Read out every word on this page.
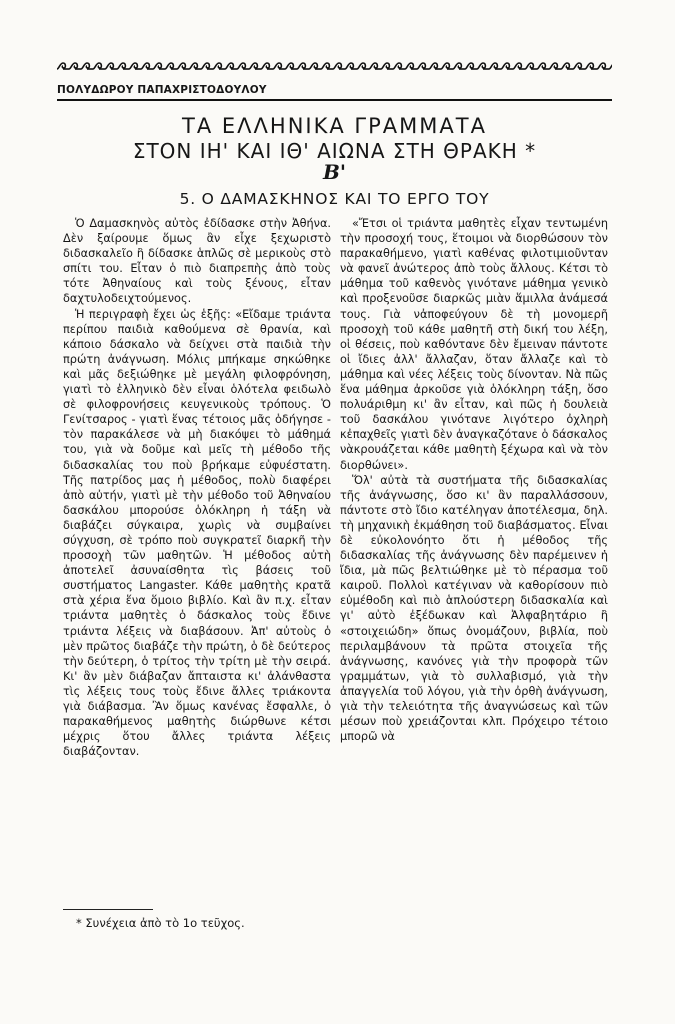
ΠΟΛΥΔΩΡΟΥ ΠΑΠΑΧΡΙΣΤΟΔΟΥΛΟΥ
ΤΑ ΕΛΛΗΝΙΚΑ ΓΡΑΜΜΑΤΑ
ΣΤΟΝ ΙΗ' ΚΑΙ ΙΘ' ΑΙΩΝΑ ΣΤΗ ΘΡΑΚΗ *
Β'
5. Ο ΔΑΜΑΣΚΗΝΟΣ ΚΑΙ ΤΟ ΕΡΓΟ ΤΟΥ

Ὁ Δαμασκηνὸς αὐτὸς ἐδίδασκε στὴν Ἀθήνα. Δὲν ξαίρουμε ὅμως ἂν εἶχε ξεχωριστὸ διδασκαλεῖο ἢ δίδασκε ἁπλῶς σὲ μερικοὺς στὸ σπίτι του. Εἶταν ὁ πιὸ διαπρεπὴς ἀπὸ τοὺς τότε Ἀθηναίους καὶ τοὺς ξένους, εἶταν δαχτυλοδειχτούμενος.

Ἡ περιγραφὴ ἔχει ὡς ἑξῆς: «Εἴδαμε τριάντα περίπου παιδιὰ καθούμενα σὲ θρανία, καὶ κάποιο δάσκαλο νὰ δείχνει στὰ παιδιὰ τὴν πρώτη ἀνάγνωση. Μόλις μπήκαμε σηκώθηκε καὶ μᾶς δεξιώθηκε μὲ μεγάλη φιλοφρόνηση, γιατὶ τὸ ἑλληνικὸ δὲν εἶναι ὁλότελα φειδωλὸ σὲ φιλοφρονήσεις κευγενικοὺς τρόπους. Ὁ Γενίτσαρος - γιατὶ ἕνας τέτοιος μᾶς ὁδήγησε - τὸν παρακάλεσε νὰ μὴ διακόψει τὸ μάθημά του, γιὰ νὰ δοῦμε καὶ μεῖς τὴ μέθοδο τῆς διδασκαλίας του ποὺ βρήκαμε εὐφυέστατη. Τῆς πατρίδος μας ἡ μέθοδος, πολὺ διαφέρει ἀπὸ αὐτήν, γιατὶ μὲ τὴν μέθοδο τοῦ Ἀθηναίου δασκάλου μπορούσε ὁλόκληρη ἡ τάξη νὰ διαβάζει σύγκαιρα, χωρὶς νὰ συμβαίνει σύγχυση, σὲ τρόπο ποὺ συγκρατεῖ διαρκῆ τὴν προσοχὴ τῶν μαθητῶν. Ἡ μέθοδος αὐτὴ ἀποτελεῖ ἀσυναίσθητα τὶς βάσεις τοῦ συστήματος Langaster. Κάθε μαθητὴς κρατᾶ στὰ χέρια ἕνα ὅμοιο βιβλίο. Καὶ ἂν π.χ. εἶταν τριάντα μαθητὲς ὁ δάσκαλος τοὺς ἔδινε τριάντα λέξεις νὰ διαβάσουν. Ἀπ' αὐτοὺς ὁ μὲν πρῶτος διαβάζε τὴν πρώτη, ὁ δὲ δεύτερος τὴν δεύτερη, ὁ τρίτος τὴν τρίτη μὲ τὴν σειρά. Κι' ἂν μὲν διάβαζαν ἄπταιστα κι' ἀλάνθαστα τὶς λέξεις τους τοὺς ἔδινε ἄλλες τριάκοντα γιὰ διάβασμα. Ἂν ὅμως κανένας ἔσφαλλε, ὁ παρακαθήμενος μαθητὴς διώρθωνε κέτσι μέχρις ὅτου ἄλλες τριάντα λέξεις διαβάζονταν.

«Ἔτσι οἱ τριάντα μαθητὲς εἶχαν τεντωμένη τὴν προσοχή τους, ἕτοιμοι νὰ διορθώσουν τὸν παρακαθήμενο, γιατὶ καθένας φιλοτιμιοῦνταν νὰ φανεῖ ἀνώτερος ἀπὸ τοὺς ἄλλους. Κέτσι τὸ μάθημα τοῦ καθενὸς γινότανε μάθημα γενικὸ καὶ προξενοῦσε διαρκῶς μιὰν ἅμιλλα ἀνάμεσά τους. Γιὰ νἀποφεύγουν δὲ τὴ μονομερῆ προσοχὴ τοῦ κάθε μαθητῆ στὴ δική του λέξη, οἱ θέσεις, ποὺ καθόντανε δὲν ἔμειναν πάντοτε οἱ ἴδιες ἀλλ' ἄλλαζαν, ὅταν ἄλλαζε καὶ τὸ μάθημα καὶ νέες λέξεις τοὺς δίνονταν. Νὰ πῶς ἕνα μάθημα ἀρκοῦσε γιὰ ὁλόκληρη τάξη, ὅσο πολυάριθμη κι' ἂν εἶταν, καὶ πῶς ἡ δουλειὰ τοῦ δασκάλου γινότανε λιγότερο ὀχληρὴ κἐπαχθεῖς γιατὶ δὲν ἀναγκαζότανε ὁ δάσκαλος νὰκρουάζεται κάθε μαθητὴ ξέχωρα καὶ νὰ τὸν διορθώνει».

Ὅλ' αὐτὰ τὰ συστήματα τῆς διδασκαλίας τῆς ἀνάγνωσης, ὅσο κι' ἂν παραλλάσσουν, πάντοτε στὸ ἴδιο κατέληγαν ἀποτέλεσμα, δηλ. τὴ μηχανικὴ ἐκμάθηση τοῦ διαβάσματος. Εἶναι δὲ εὐκολονόητο ὅτι ἡ μέθοδος τῆς διδασκαλίας τῆς ἀνάγνωσης δὲν παρέμεινεν ἡ ἴδια, μὰ πῶς βελτιώθηκε μὲ τὸ πέρασμα τοῦ καιροῦ. Πολλοὶ κατέγιναν νὰ καθορίσουν πιὸ εὐμέθοδη καὶ πιὸ ἁπλούστερη διδασκαλία καὶ γι' αὐτὸ ἐξέδωκαν καὶ Ἀλφαβητάριο ἢ «στοιχειώδη» ὅπως ὀνομάζουν, βιβλία, ποὺ περιλαμβάνουν τὰ πρῶτα στοιχεῖα τῆς ἀνάγνωσης, κανόνες γιὰ τὴν προφορὰ τῶν γραμμάτων, γιὰ τὸ συλλαβισμό, γιὰ τὴν ἀπαγγελία τοῦ λόγου, γιὰ τὴν ὀρθὴ ἀνάγνωση, γιὰ τὴν τελειότητα τῆς ἀναγνώσεως καὶ τῶν μέσων ποὺ χρειάζονται κλπ. Πρόχειρο τέτοιο μπορῶ νὰ

* Συνέχεια ἀπὸ τὸ 1ο τεῦχος.
